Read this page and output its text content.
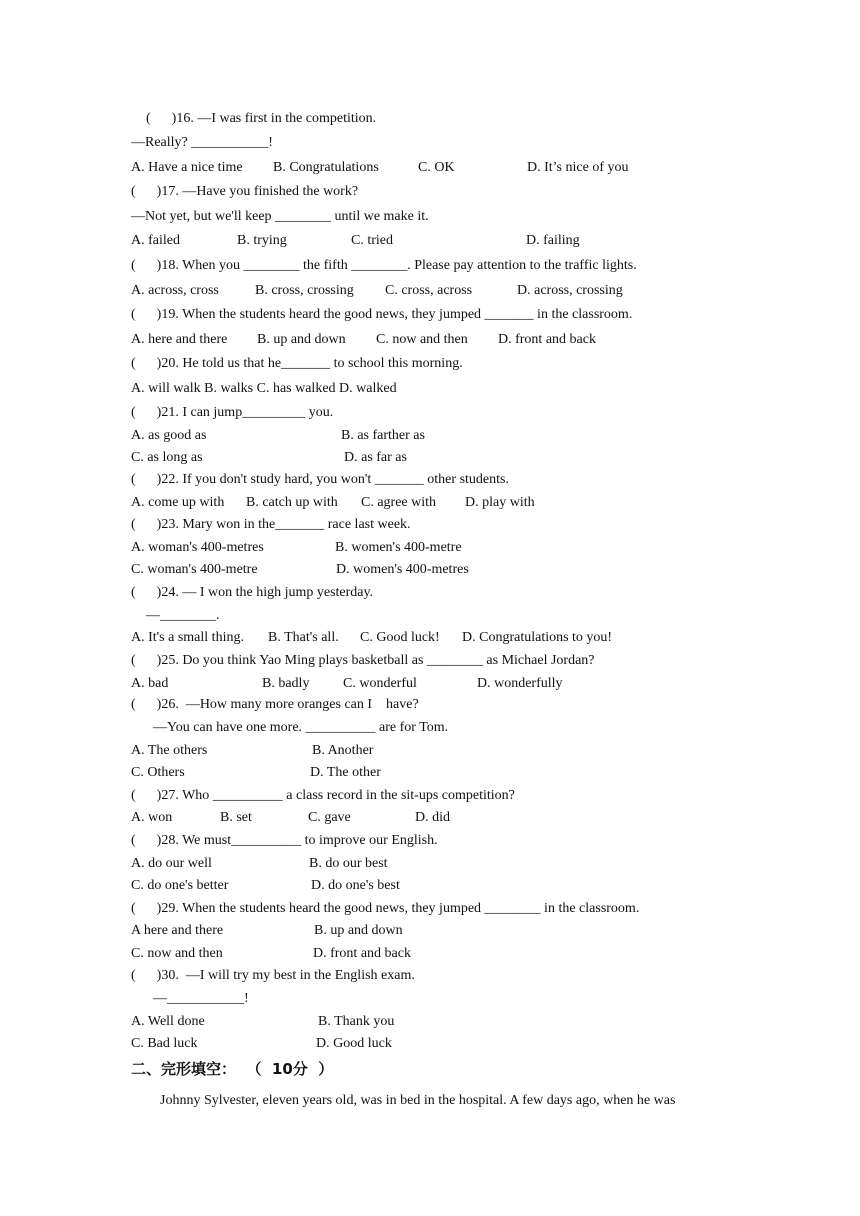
(      )16. —I was first in the competition.
—Really? ___________!
A. Have a nice time B. Congratulations	C. OK	D. It’s nice of you
(      )17. —Have you finished the work?
—Not yet, but we'll keep ________ until we make it.
A. failed	B. trying	C. tried	D. failing
(      )18. When you ________ the fifth ________. Please pay attention to the traffic lights.
A. across, cross	B. cross, crossing C. cross, across	D. across, crossing
(      )19. When the students heard the good news, they jumped _______ in the classroom.
A. here and there B. up and down C. now and then D. front and back
(      )20. He told us that he_______ to school this morning.
A. will walk B. walks C. has walked D. walked
(      )21. I can jump_________ you.
A. as good as	B. as farther as
C. as long as	D. as far as
(      )22. If you don't study hard, you won't _______ other students.
A. come up with B. catch up with C. agree with D. play with
(      )23. Mary won in the_______ race last week.
A. woman's 400-metres	B. women's 400-metre
C. woman's 400-metre	D. women's 400-metres
(      )24. — I won the high jump yesterday.
—________.
A. It's a small thing. B. That's all. C. Good luck! D. Congratulations to you!
(      )25. Do you think Yao Ming plays basketball as ________ as Michael Jordan?
A. bad	B. badly C. wonderful	D. wonderfully
(      )26.  —How many more oranges can I    have?
—You can have one more. __________ are for Tom.
A. The others	B. Another
C. Others	D. The other
(      )27. Who __________ a class record in the sit-ups competition?
A. won	B. set	C. gave	D. did
(      )28. We must__________ to improve our English.
A. do our well	B. do our best
C. do one's better	D. do one's best
(      )29. When the students heard the good news, they jumped ________ in the classroom.
A here and there	B. up and down
C. now and then	D. front and back
(      )30.  —I will try my best in the English exam.
—___________!
A. Well done	B. Thank you
C. Bad luck	D. Good luck
二、完形填空：  （  10分  ）
Johnny Sylvester, eleven years old, was in bed in the hospital. A few days ago, when he was
